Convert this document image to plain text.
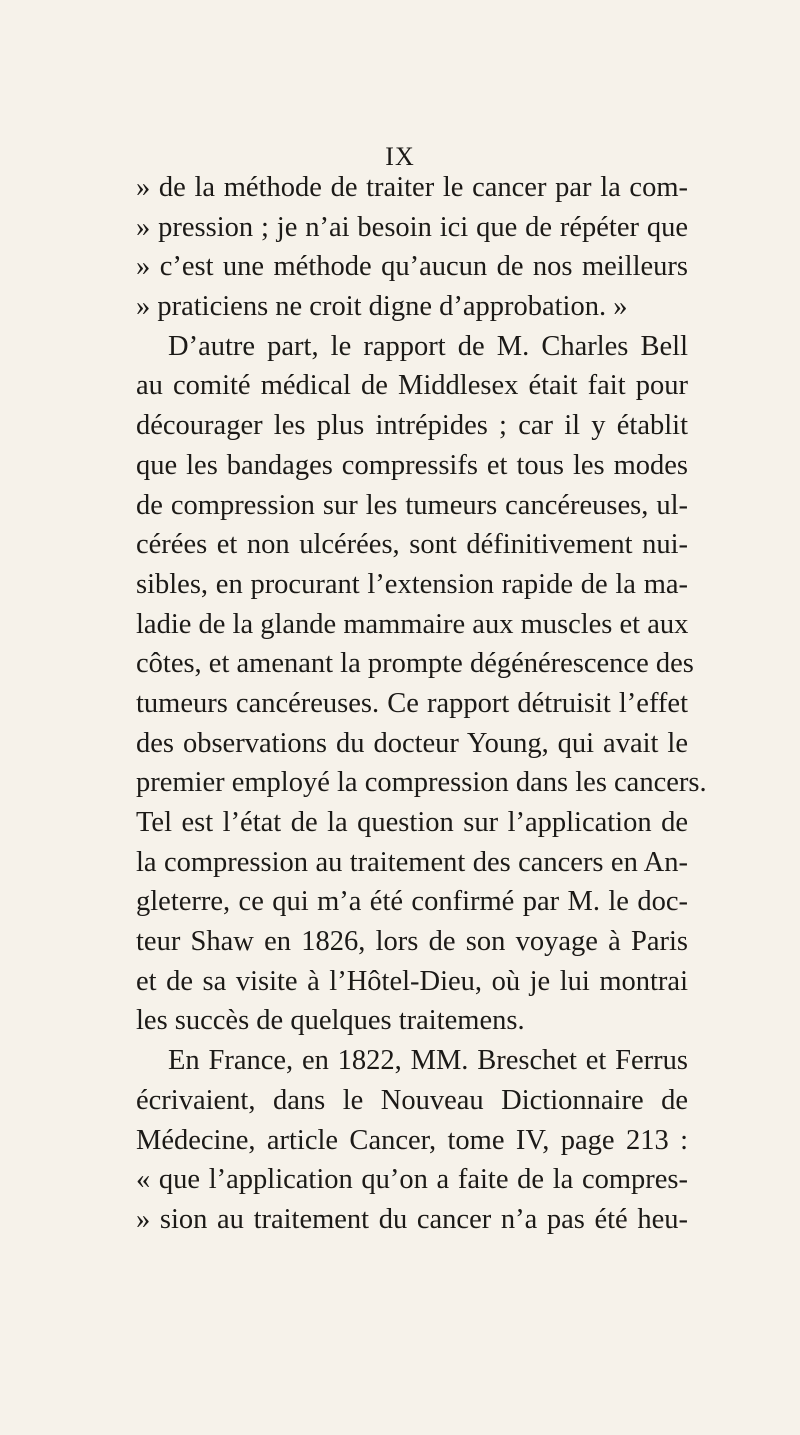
IX
» de la méthode de traiter le cancer par la com-
» pression ; je n’ai besoin ici que de répéter que
» c’est une méthode qu’aucun de nos meilleurs
» praticiens ne croit digne d’approbation. »
D’autre part, le rapport de M. Charles Bell
au comité médical de Middlesex était fait pour
décourager les plus intrépides ; car il y établit
que les bandages compressifs et tous les modes
de compression sur les tumeurs cancéreuses, ul-
cérées et non ulcérées, sont définitivement nui-
sibles, en procurant l’extension rapide de la ma-
ladie de la glande mammaire aux muscles et aux
côtes, et amenant la prompte dégénérescence des
tumeurs cancéreuses. Ce rapport détruisit l’effet
des observations du docteur Young, qui avait le
premier employé la compression dans les cancers.
Tel est l’état de la question sur l’application de
la compression au traitement des cancers en An-
gleterre, ce qui m’a été confirmé par M. le doc-
teur Shaw en 1826, lors de son voyage à Paris
et de sa visite à l’Hôtel-Dieu, où je lui montrai
les succès de quelques traitemens.
En France, en 1822, MM. Breschet et Ferrus
écrivaient, dans le Nouveau Dictionnaire de
Médecine, article Cancer, tome IV, page 213 :
« que l’application qu’on a faite de la compres-
» sion au traitement du cancer n’a pas été heu-
